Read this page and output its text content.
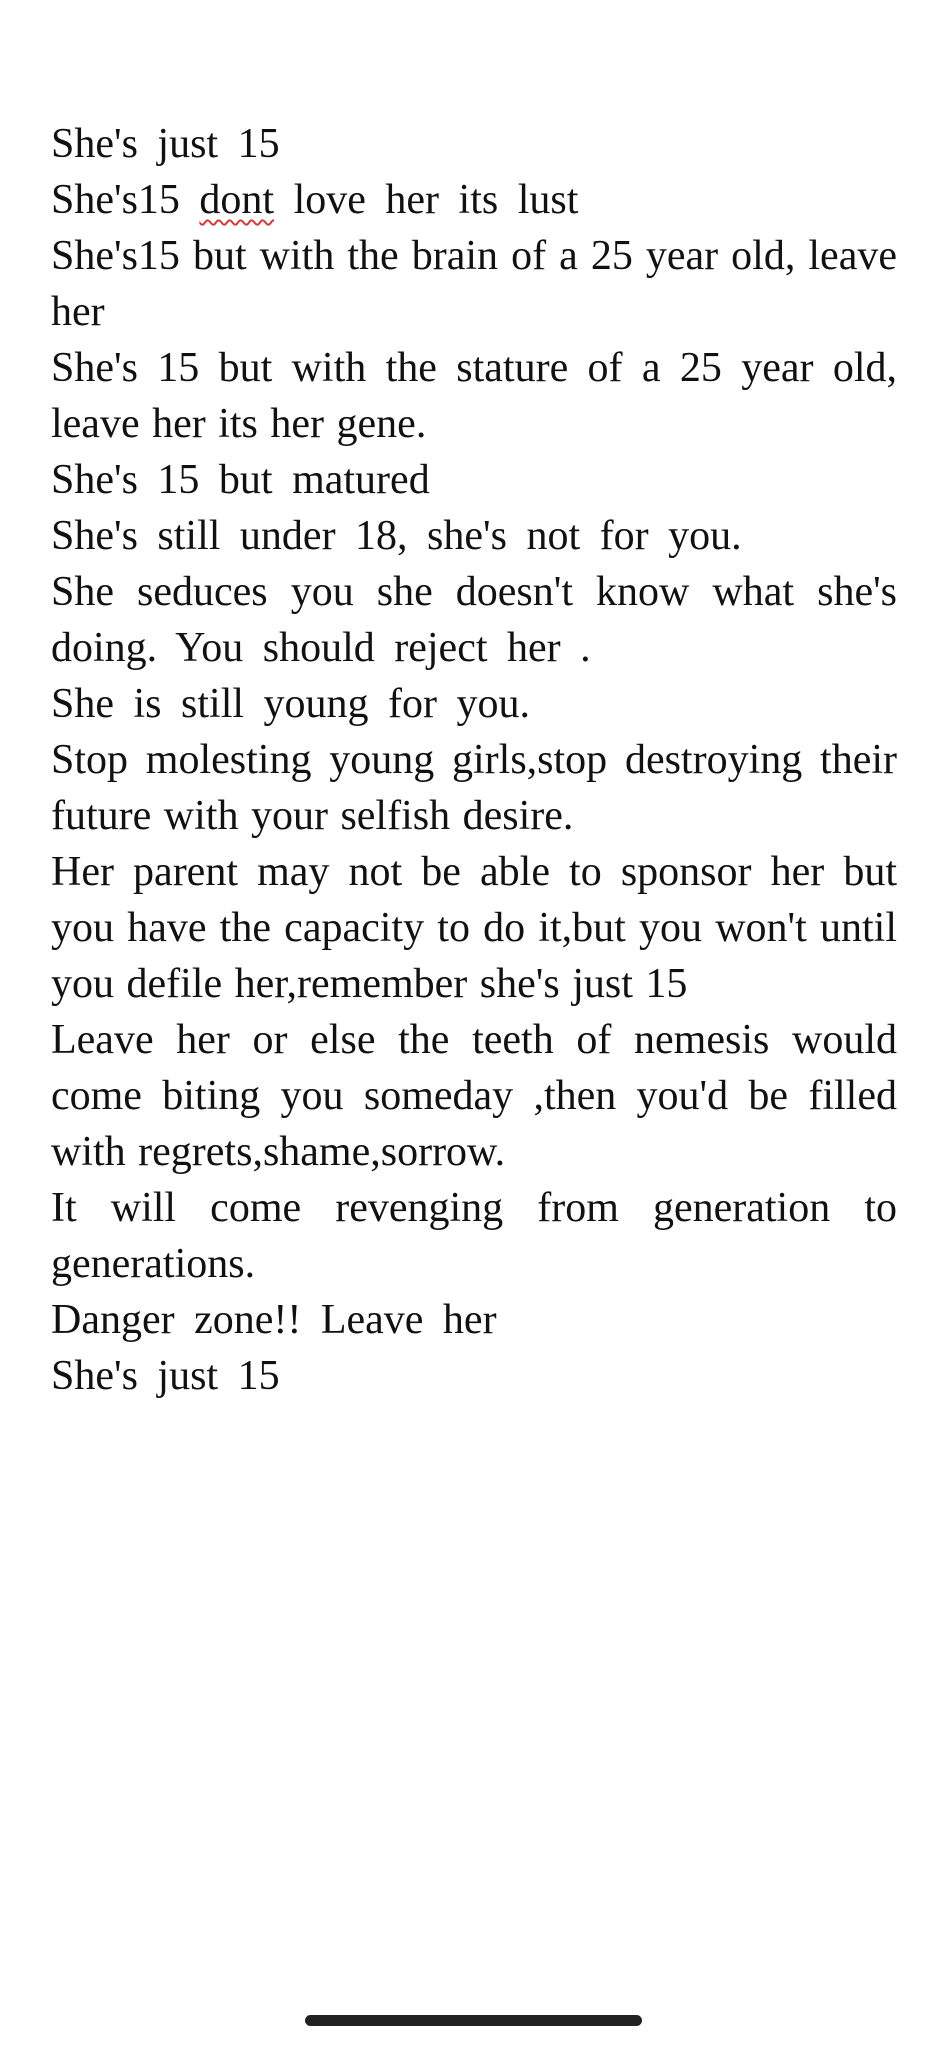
She's just 15

She's15 dont love her its lust

She's15 but with the brain of a 25 year old, leave her

She's 15 but with the stature of a 25 year old, leave her its her gene.

She's 15 but matured

She's still under 18, she's not for you.

She seduces you she doesn't know what she's doing. You should reject her .

She is still young for you.

Stop molesting young girls,stop destroying their future with your selfish desire.

Her parent may not be able to sponsor her but you have the capacity to do it,but you won't until you defile her,remember she's just 15

Leave her or else the teeth of nemesis would come biting you someday ,then you'd be filled with regrets,shame,sorrow.

It will come revenging from generation to generations.

Danger zone!! Leave her

She's just 15
